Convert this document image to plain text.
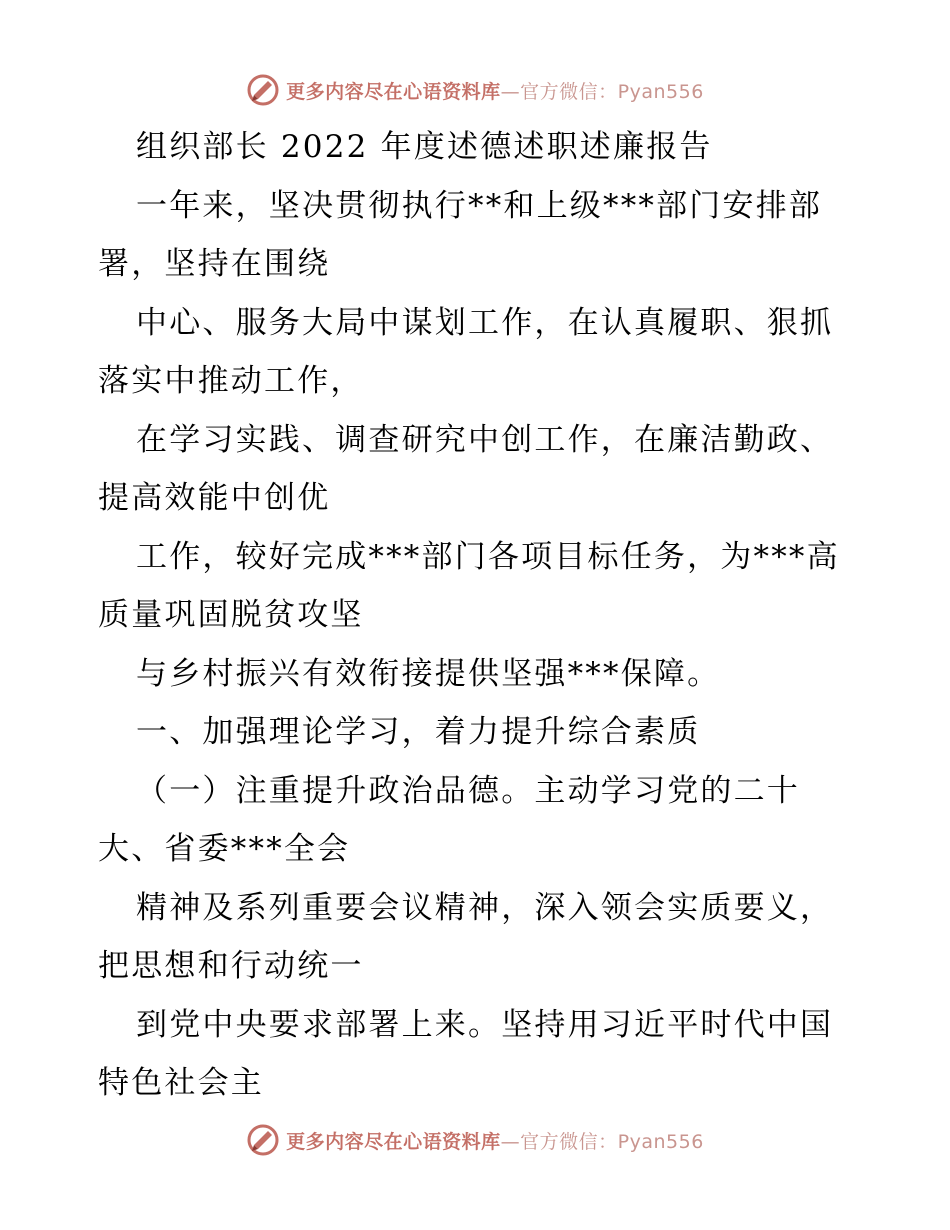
更多内容尽在心语资料库—官方微信：Pyan556
组织部长 2022 年度述德述职述廉报告
一年来，坚决贯彻执行**和上级***部门安排部
署，坚持在围绕
中心、服务大局中谋划工作，在认真履职、狠抓
落实中推动工作，
在学习实践、调查研究中创工作，在廉洁勤政、
提高效能中创优
工作，较好完成***部门各项目标任务，为***高
质量巩固脱贫攻坚
与乡村振兴有效衔接提供坚强***保障。
一、加强理论学习，着力提升综合素质
（一）注重提升政治品德。主动学习党的二十
大、省委***全会
精神及系列重要会议精神，深入领会实质要义，
把思想和行动统一
到党中央要求部署上来。坚持用习近平时代中国
特色社会主
更多内容尽在心语资料库—官方微信：Pyan556
